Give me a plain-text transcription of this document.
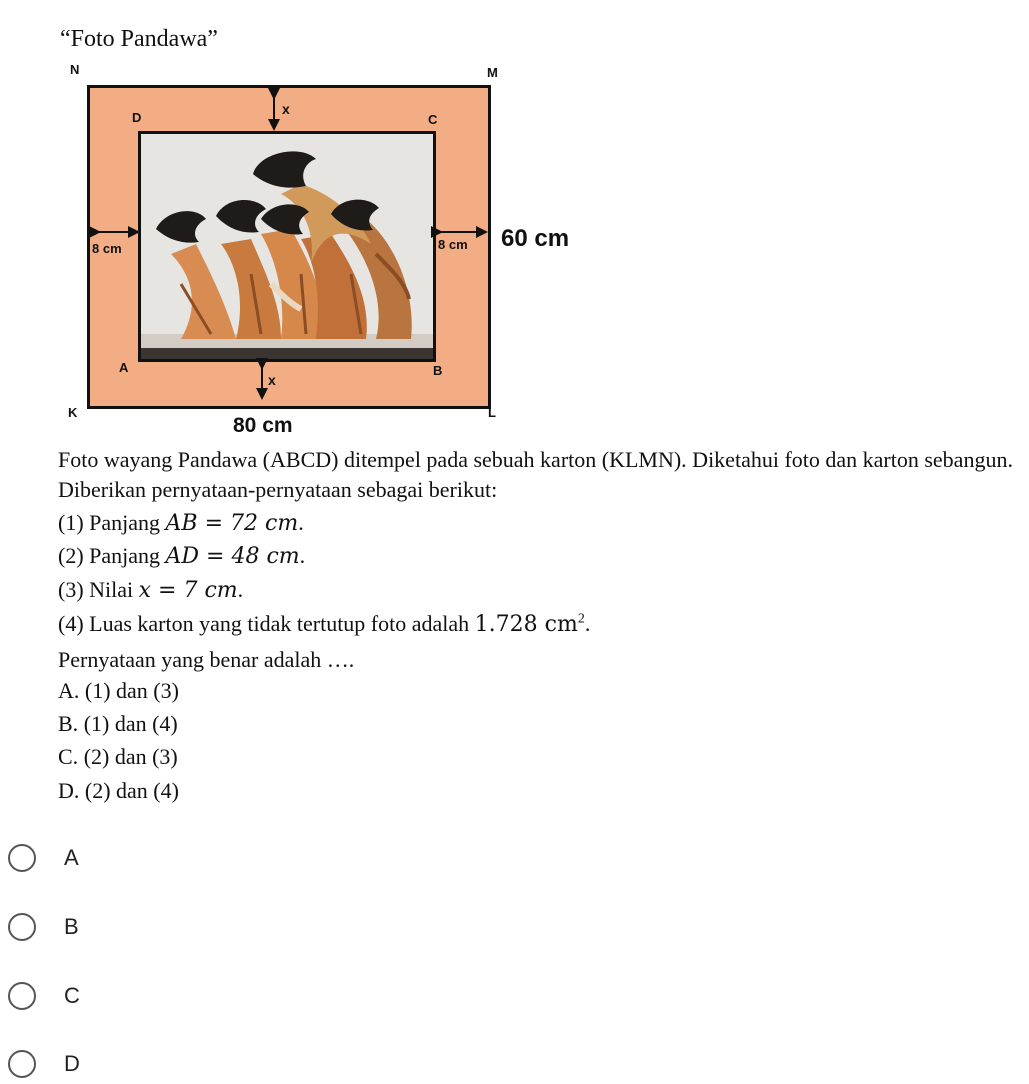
“Foto Pandawa”
N	M
D	C
A	B
x
x
8 cm	8 cm
K	L
60 cm
80 cm
Foto wayang Pandawa (ABCD) ditempel pada sebuah karton (KLMN). Diketahui foto dan karton sebangun. Diberikan pernyataan-pernyataan sebagai berikut:
(1) Panjang AB = 72 cm.
(2) Panjang AD = 48 cm.
(3) Nilai x = 7 cm.
(4) Luas karton yang tidak tertutup foto adalah 1.728 $cm^2$.
Pernyataan yang benar adalah ….
A. (1) dan (3)
B. (1) dan (4)
C. (2) dan (3)
D. (2) dan (4)
A
B
C
D
